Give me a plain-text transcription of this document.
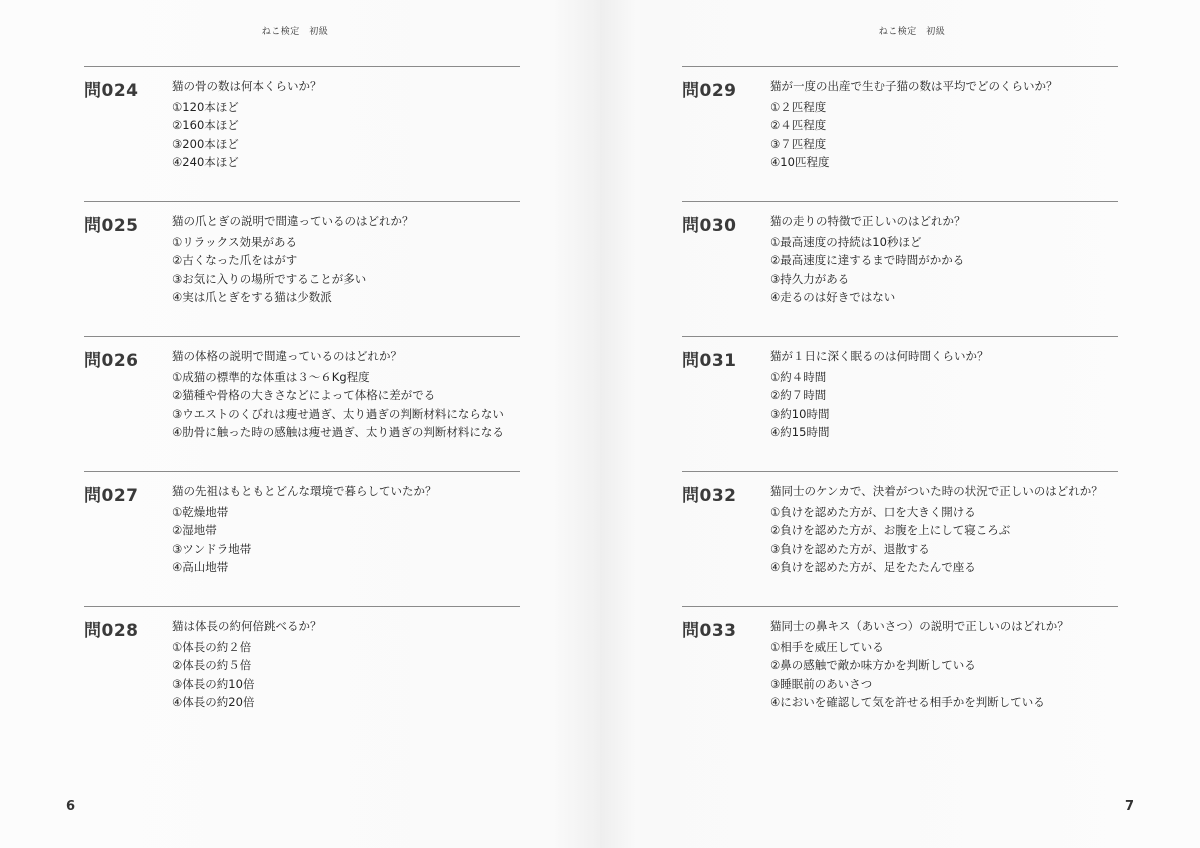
ねこ検定　初級
問024	猫の骨の数は何本くらいか？
①120本ほど
②160本ほど
③200本ほど
④240本ほど
問025	猫の爪とぎの説明で間違っているのはどれか？
①リラックス効果がある
②古くなった爪をはがす
③お気に入りの場所ですることが多い
④実は爪とぎをする猫は少数派
問026	猫の体格の説明で間違っているのはどれか？
①成猫の標準的な体重は３〜６Kg程度
②猫種や骨格の大きさなどによって体格に差がでる
③ウエストのくびれは痩せ過ぎ、太り過ぎの判断材料にならない
④肋骨に触った時の感触は痩せ過ぎ、太り過ぎの判断材料になる
問027	猫の先祖はもともとどんな環境で暮らしていたか？
①乾燥地帯
②湿地帯
③ツンドラ地帯
④高山地帯
問028	猫は体長の約何倍跳べるか？
①体長の約２倍
②体長の約５倍
③体長の約10倍
④体長の約20倍
6
ねこ検定　初級
問029	猫が一度の出産で生む子猫の数は平均でどのくらいか？
①２匹程度
②４匹程度
③７匹程度
④10匹程度
問030	猫の走りの特徴で正しいのはどれか？
①最高速度の持続は10秒ほど
②最高速度に達するまで時間がかかる
③持久力がある
④走るのは好きではない
問031	猫が１日に深く眠るのは何時間くらいか？
①約４時間
②約７時間
③約10時間
④約15時間
問032	猫同士のケンカで、決着がついた時の状況で正しいのはどれか？
①負けを認めた方が、口を大きく開ける
②負けを認めた方が、お腹を上にして寝ころぶ
③負けを認めた方が、退散する
④負けを認めた方が、足をたたんで座る
問033	猫同士の鼻キス（あいさつ）の説明で正しいのはどれか？
①相手を威圧している
②鼻の感触で敵か味方かを判断している
③睡眠前のあいさつ
④においを確認して気を許せる相手かを判断している
7
